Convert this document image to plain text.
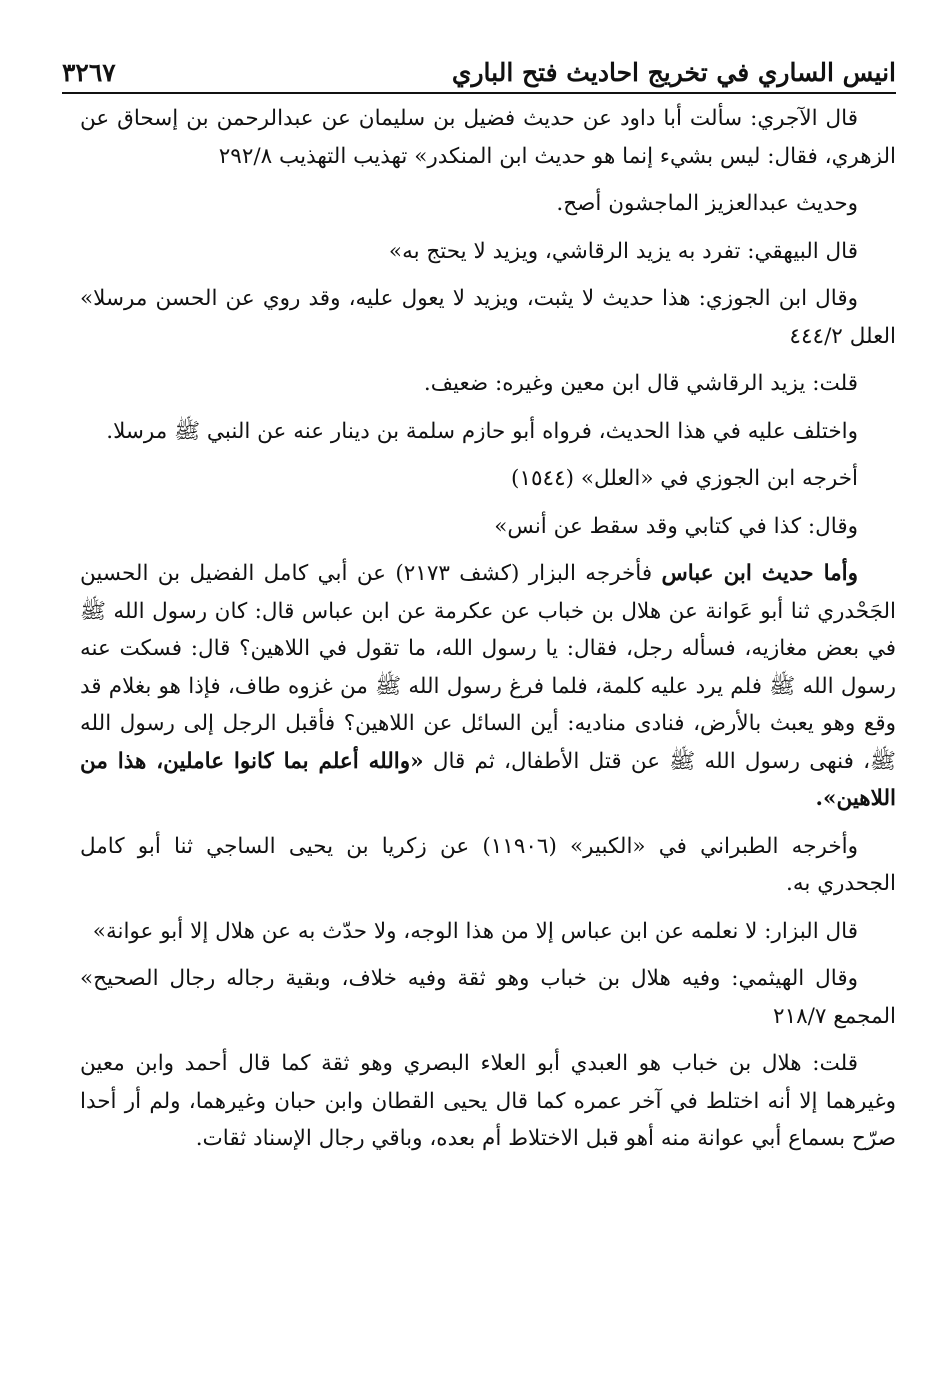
انيس الساري في تخريج احاديث فتح الباري
٣٢٦٧

قال الآجري: سألت أبا داود عن حديث فضيل بن سليمان عن عبدالرحمن بن إسحاق عن الزهري، فقال: ليس بشيء إنما هو حديث ابن المنكدر» تهذيب التهذيب ٢٩٢/٨

وحديث عبدالعزيز الماجشون أصح.

قال البيهقي: تفرد به يزيد الرقاشي، ويزيد لا يحتج به»

وقال ابن الجوزي: هذا حديث لا يثبت، ويزيد لا يعول عليه، وقد روي عن الحسن مرسلا» العلل ٤٤٤/٢

قلت: يزيد الرقاشي قال ابن معين وغيره: ضعيف.

واختلف عليه في هذا الحديث، فرواه أبو حازم سلمة بن دينار عنه عن النبي ﷺ مرسلا.

أخرجه ابن الجوزي في «العلل» (١٥٤٤)

وقال: كذا في كتابي وقد سقط عن أنس»

وأما حديث ابن عباس فأخرجه البزار (كشف ٢١٧٣) عن أبي كامل الفضيل بن الحسين الجَحْدري ثنا أبو عَوانة عن هلال بن خباب عن عكرمة عن ابن عباس قال: كان رسول الله ﷺ في بعض مغازيه، فسأله رجل، فقال: يا رسول الله، ما تقول في اللاهين؟ قال: فسكت عنه رسول الله ﷺ فلم يرد عليه كلمة، فلما فرغ رسول الله ﷺ من غزوه طاف، فإذا هو بغلام قد وقع وهو يعبث بالأرض، فنادى مناديه: أين السائل عن اللاهين؟ فأقبل الرجل إلى رسول الله ﷺ، فنهى رسول الله ﷺ عن قتل الأطفال، ثم قال «والله أعلم بما كانوا عاملين، هذا من اللاهين».

وأخرجه الطبراني في «الكبير» (١١٩٠٦) عن زكريا بن يحيى الساجي ثنا أبو كامل الجحدري به.

قال البزار: لا نعلمه عن ابن عباس إلا من هذا الوجه، ولا حدّث به عن هلال إلا أبو عوانة»

وقال الهيثمي: وفيه هلال بن خباب وهو ثقة وفيه خلاف، وبقية رجاله رجال الصحيح» المجمع ٢١٨/٧

قلت: هلال بن خباب هو العبدي أبو العلاء البصري وهو ثقة كما قال أحمد وابن معين وغيرهما إلا أنه اختلط في آخر عمره كما قال يحيى القطان وابن حبان وغيرهما، ولم أر أحدا صرّح بسماع أبي عوانة منه أهو قبل الاختلاط أم بعده، وباقي رجال الإسناد ثقات.
